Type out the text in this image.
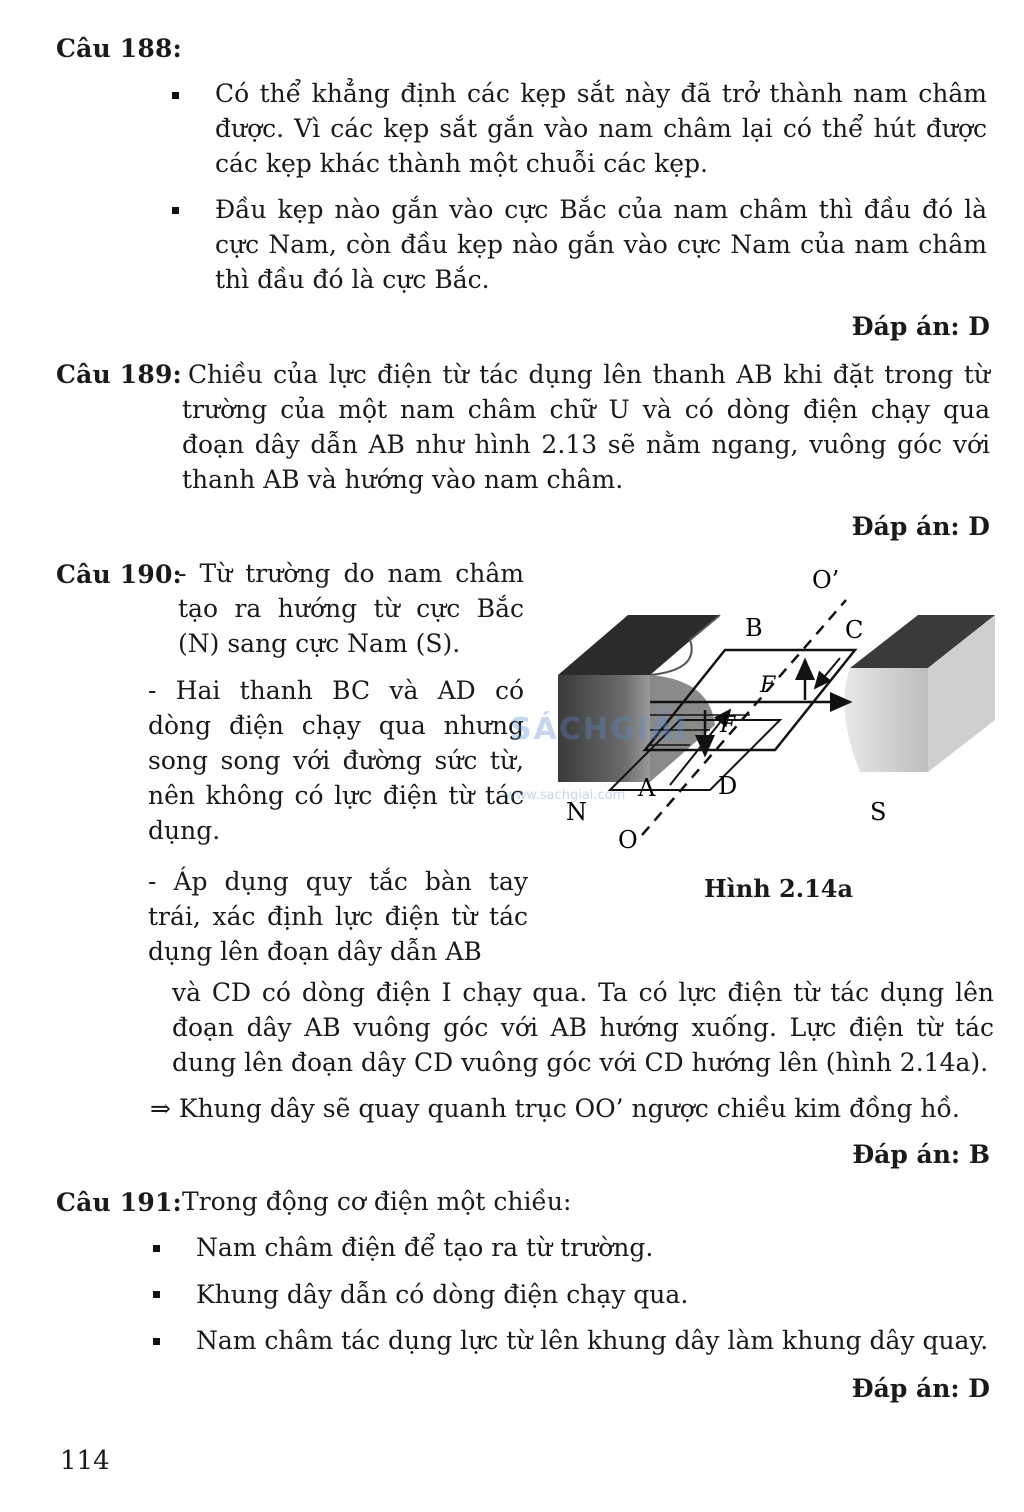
Câu 188:
Có thể khẳng định các kẹp sắt này đã trở thành nam châm được. Vì các kẹp sắt gắn vào nam châm lại có thể hút được các kẹp khác thành một chuỗi các kẹp.
Đầu kẹp nào gắn vào cực Bắc của nam châm thì đầu đó là cực Nam, còn đầu kẹp nào gắn vào cực Nam của nam châm thì đầu đó là cực Bắc.
Đáp án: D
Câu 189: Chiều của lực điện từ tác dụng lên thanh AB khi đặt trong từ trường của một nam châm chữ U và có dòng điện chạy qua đoạn dây dẫn AB như hình 2.13 sẽ nằm ngang, vuông góc với thanh AB và hướng vào nam châm.
Đáp án: D
Câu 190:
- Từ trường do nam châm tạo ra hướng từ cực Bắc (N) sang cực Nam (S).
- Hai thanh BC và AD có dòng điện chạy qua nhưng song song với đường sức từ, nên không có lực điện từ tác dụng.
- Áp dụng quy tắc bàn tay trái, xác định lực điện từ tác dụng lên đoạn dây dẫn AB
và CD có dòng điện I chạy qua. Ta có lực điện từ tác dụng lên đoạn dây AB vuông góc với AB hướng xuống. Lực điện từ tác dung lên đoạn dây CD vuông góc với CD hướng lên (hình 2.14a).
⇒ Khung dây sẽ quay quanh trục OO’ ngược chiều kim đồng hồ.
Đáp án: B
O’
B	C
F
F
A	D
N	S
O
Hình 2.14a
SÁCHGIẢI
www.sachgiai.com
Câu 191: Trong động cơ điện một chiều:
Nam châm điện để tạo ra từ trường.
Khung dây dẫn có dòng điện chạy qua.
Nam châm tác dụng lực từ lên khung dây làm khung dây quay.
Đáp án: D
114
